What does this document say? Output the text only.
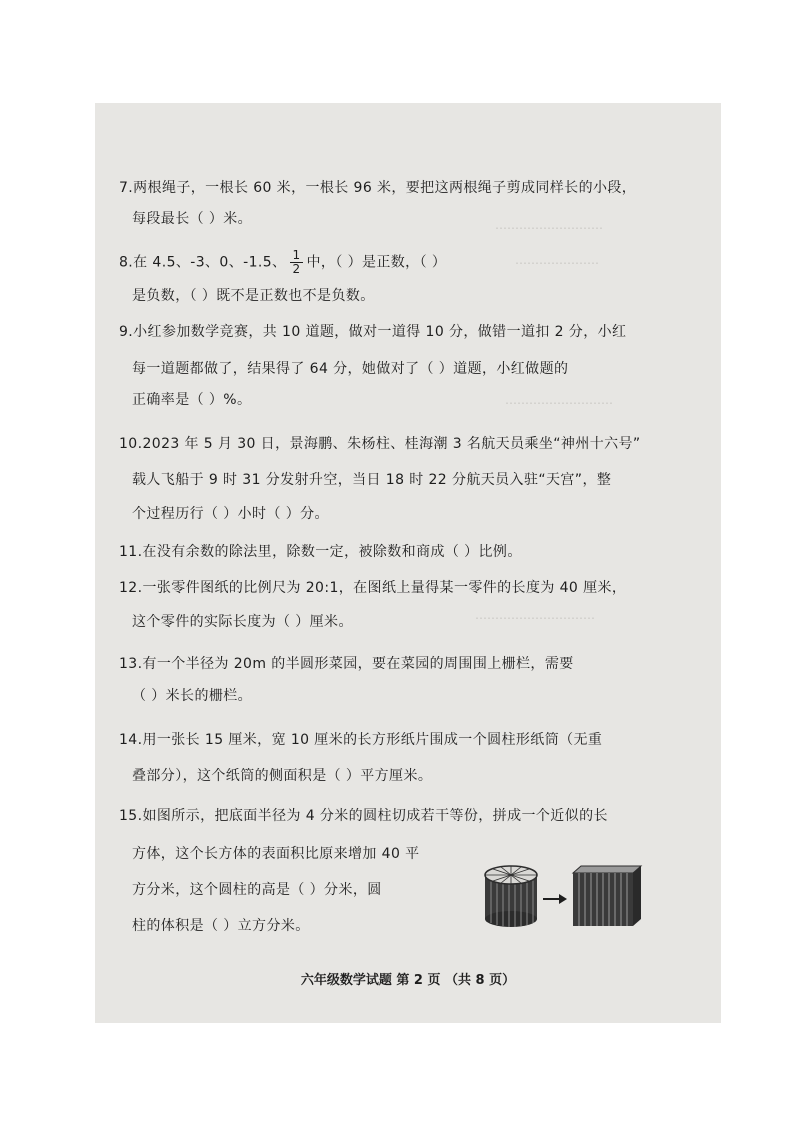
………………………
…………………
………………………
…………………………
7.两根绳子，一根长 60 米，一根长 96 米，要把这两根绳子剪成同样长的小段，
每段最长（ ）米。
8.在 4.5、-3、0、-1.5、 $\frac{1}{2}$ 中，（ ）是正数，（ ）
是负数，（ ）既不是正数也不是负数。
9.小红参加数学竞赛，共 10 道题，做对一道得 10 分，做错一道扣 2 分，小红
每一道题都做了，结果得了 64 分，她做对了（ ）道题，小红做题的
正确率是（ ）%。
10.2023 年 5 月 30 日，景海鹏、朱杨柱、桂海潮 3 名航天员乘坐“神州十六号”
载人飞船于 9 时 31 分发射升空，当日 18 时 22 分航天员入驻“天宫”，整
个过程历行（ ）小时（ ）分。
11.在没有余数的除法里，除数一定，被除数和商成（ ）比例。
12.一张零件图纸的比例尺为 20:1，在图纸上量得某一零件的长度为 40 厘米，
这个零件的实际长度为（ ）厘米。
13.有一个半径为 20m 的半圆形菜园，要在菜园的周围围上栅栏，需要
（ ）米长的栅栏。
14.用一张长 15 厘米，宽 10 厘米的长方形纸片围成一个圆柱形纸筒（无重
叠部分），这个纸筒的侧面积是（ ）平方厘米。
15.如图所示，把底面半径为 4 分米的圆柱切成若干等份，拼成一个近似的长
方体，这个长方体的表面积比原来增加 40 平
方分米，这个圆柱的高是（ ）分米，圆
柱的体积是（ ）立方分米。
六年级数学试题 第 2 页 （共 8 页）
